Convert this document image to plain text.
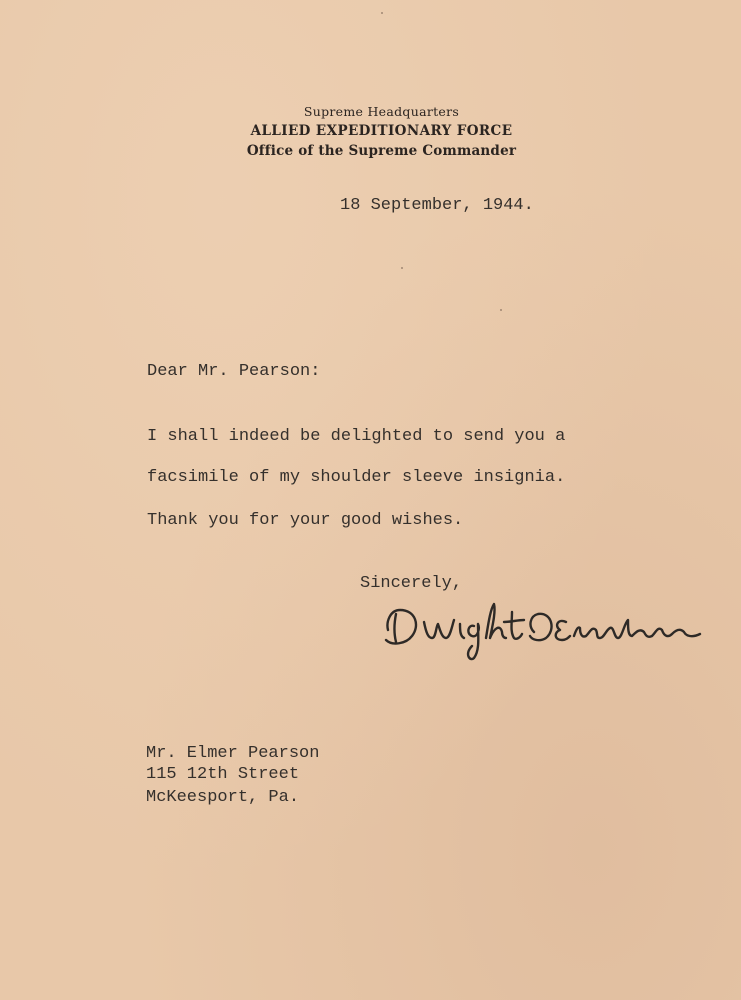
Supreme Headquarters
ALLIED EXPEDITIONARY FORCE
Office of the Supreme Commander
18 September, 1944.
Dear Mr. Pearson:
I shall indeed be delighted to send you a
facsimile of my shoulder sleeve insignia.
Thank you for your good wishes.
Sincerely,
Mr. Elmer Pearson
115 12th Street
McKeesport, Pa.
